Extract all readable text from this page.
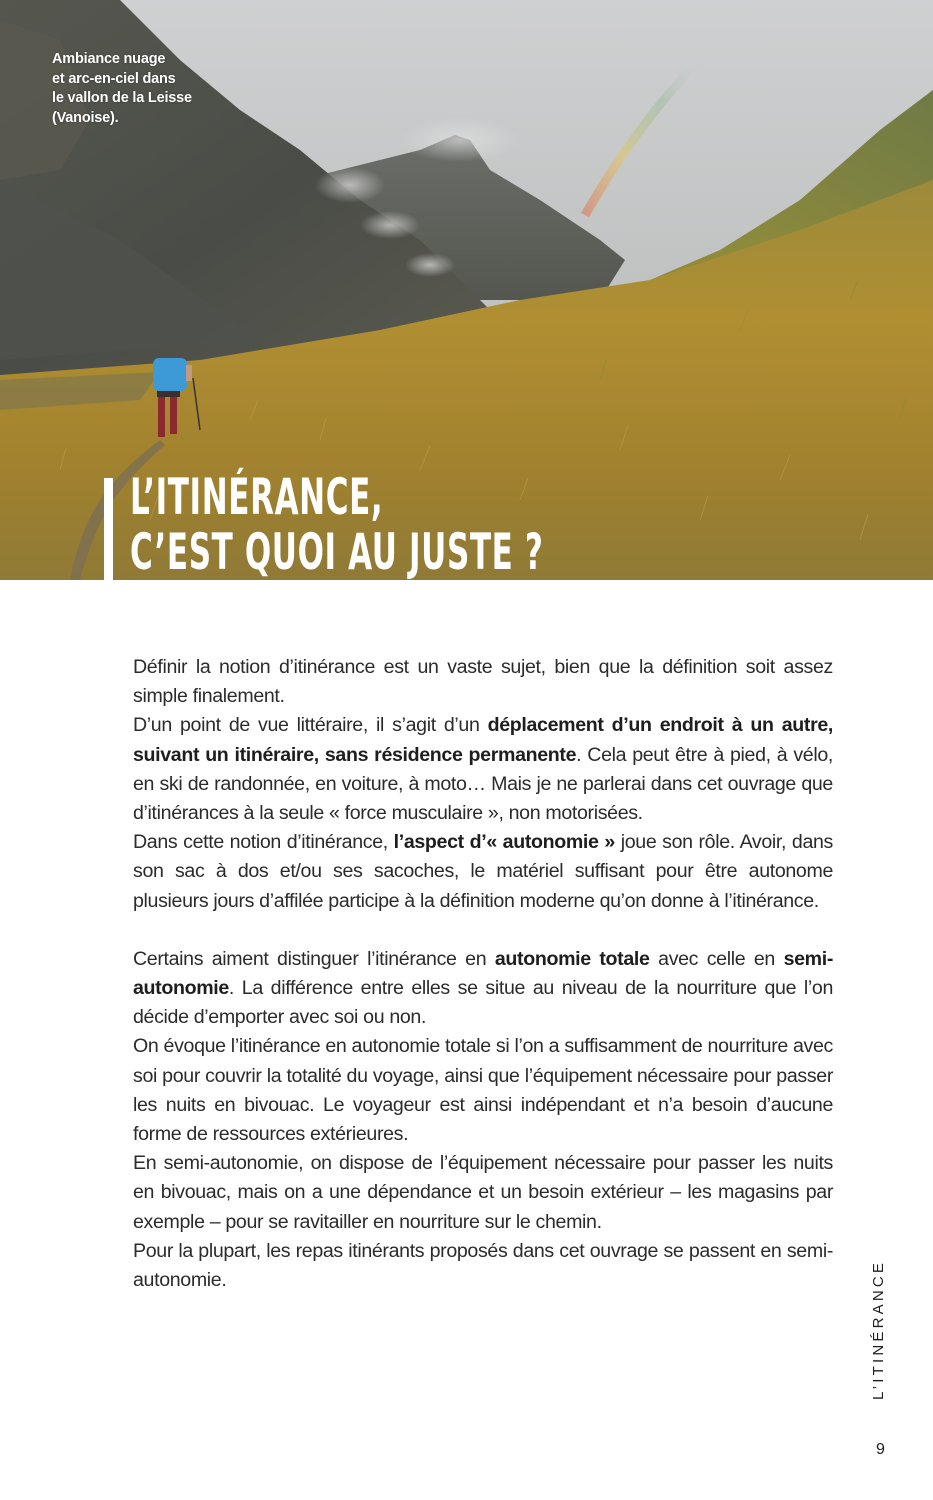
Ambiance nuage
et arc-en-ciel dans
le vallon de la Leisse
(Vanoise).

L’ITINÉRANCE,
C’EST QUOI AU JUSTE ?

Définir la notion d’itinérance est un vaste sujet, bien que la définition soit assez simple finalement.

D’un point de vue littéraire, il s’agit d’un déplacement d’un endroit à un autre, suivant un itinéraire, sans résidence permanente. Cela peut être à pied, à vélo, en ski de randonnée, en voiture, à moto… Mais je ne parlerai dans cet ouvrage que d’itinérances à la seule « force musculaire », non motorisées.

Dans cette notion d’itinérance, l’aspect d’« autonomie » joue son rôle. Avoir, dans son sac à dos et/ou ses sacoches, le matériel suffisant pour être autonome plusieurs jours d’affilée participe à la définition moderne qu’on donne à l’itinérance.

Certains aiment distinguer l’itinérance en autonomie totale avec celle en semi-autonomie. La différence entre elles se situe au niveau de la nourriture que l’on décide d’emporter avec soi ou non.

On évoque l’itinérance en autonomie totale si l’on a suffisamment de nourriture avec soi pour couvrir la totalité du voyage, ainsi que l’équipement nécessaire pour passer les nuits en bivouac. Le voyageur est ainsi indépendant et n’a besoin d’aucune forme de ressources extérieures.

En semi-autonomie, on dispose de l’équipement nécessaire pour passer les nuits en bivouac, mais on a une dépendance et un besoin extérieur – les magasins par exemple – pour se ravitailler en nourriture sur le chemin.

Pour la plupart, les repas itinérants proposés dans cet ouvrage se passent en semi-autonomie.	L’ITINÉRANCE
9
